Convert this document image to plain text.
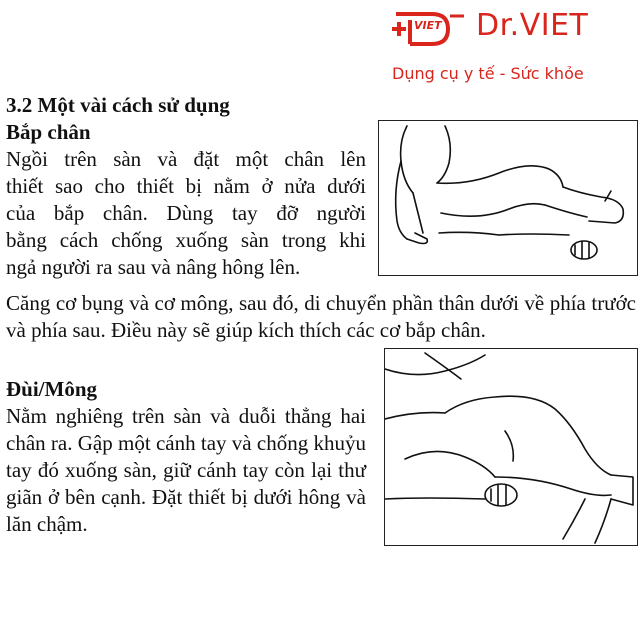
VIET Dr.VIET
Dụng cụ y tế - Sức khỏe
3.2 Một vài cách sử dụng
Bắp chân
Ngồi trên sàn và đặt một chân lên
thiết sao cho thiết bị nằm ở nửa dưới
của bắp chân. Dùng tay đỡ người
bằng cách chống xuống sàn trong khi
ngả người ra sau và nâng hông lên.
Căng cơ bụng và cơ mông, sau đó, di chuyển phần thân dưới về phía trước và phía sau. Điều này sẽ giúp kích thích các cơ bắp chân.
Đùi/Mông
Nằm nghiêng trên sàn và duỗi thẳng hai chân ra. Gập một cánh tay và chống khuỷu tay đó xuống sàn, giữ cánh tay còn lại thư giãn ở bên cạnh. Đặt thiết bị dưới hông và lăn chậm.
